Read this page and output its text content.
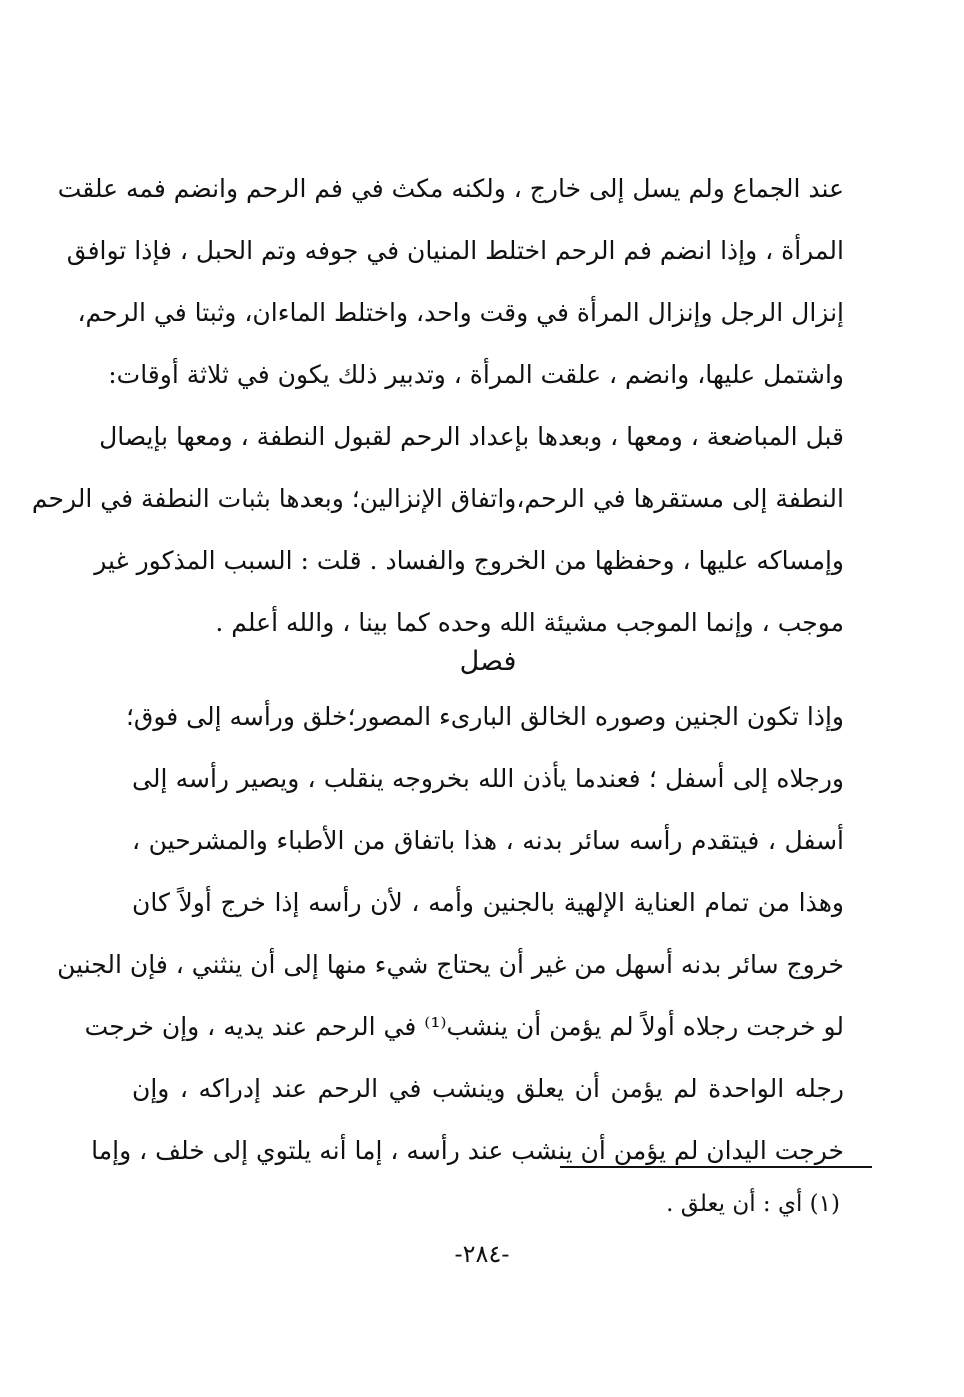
عند الجماع ولم يسل إلى خارج ، ولكنه مكث في فم الرحم وانضم فمه علقت
المرأة ، وإذا انضم فم الرحم اختلط المنيان في جوفه وتم الحبل ، فإذا توافق
إنزال الرجل وإنزال المرأة في وقت واحد، واختلط الماءان، وثبتا في الرحم،
واشتمل عليها، وانضم ، علقت المرأة ، وتدبير ذلك يكون في ثلاثة أوقات:
قبل المباضعة ، ومعها ، وبعدها بإعداد الرحم لقبول النطفة ، ومعها بإيصال
النطفة إلى مستقرها في الرحم،واتفاق الإنزالين؛ وبعدها بثبات النطفة في الرحم
وإمساكه عليها ، وحفظها من الخروج والفساد . قلت : السبب المذكور غير
موجب ، وإنما الموجب مشيئة الله وحده كما بينا ، والله أعلم .
فصل
وإذا تكون الجنين وصوره الخالق البارىء المصور؛خلق ورأسه إلى فوق؛
ورجلاه إلى أسفل ؛ فعندما يأذن الله بخروجه ينقلب ، ويصير رأسه إلى
أسفل ، فيتقدم رأسه سائر بدنه ، هذا باتفاق من الأطباء والمشرحين ،
وهذا من تمام العناية الإلهية بالجنين وأمه ، لأن رأسه إذا خرج أولاً كان
خروج سائر بدنه أسهل من غير أن يحتاج شيء منها إلى أن ينثني ، فإن الجنين
لو خرجت رجلاه أولاً لم يؤمن أن ينشب⁽¹⁾ في الرحم عند يديه ، وإن خرجت
رجله الواحدة لم يؤمن أن يعلق وينشب في الرحم عند إدراكه ، وإن
خرجت اليدان لم يؤمن أن ينشب عند رأسه ، إما أنه يلتوي إلى خلف ، وإما
(١) أي : أن يعلق .
-٢٨٤-
